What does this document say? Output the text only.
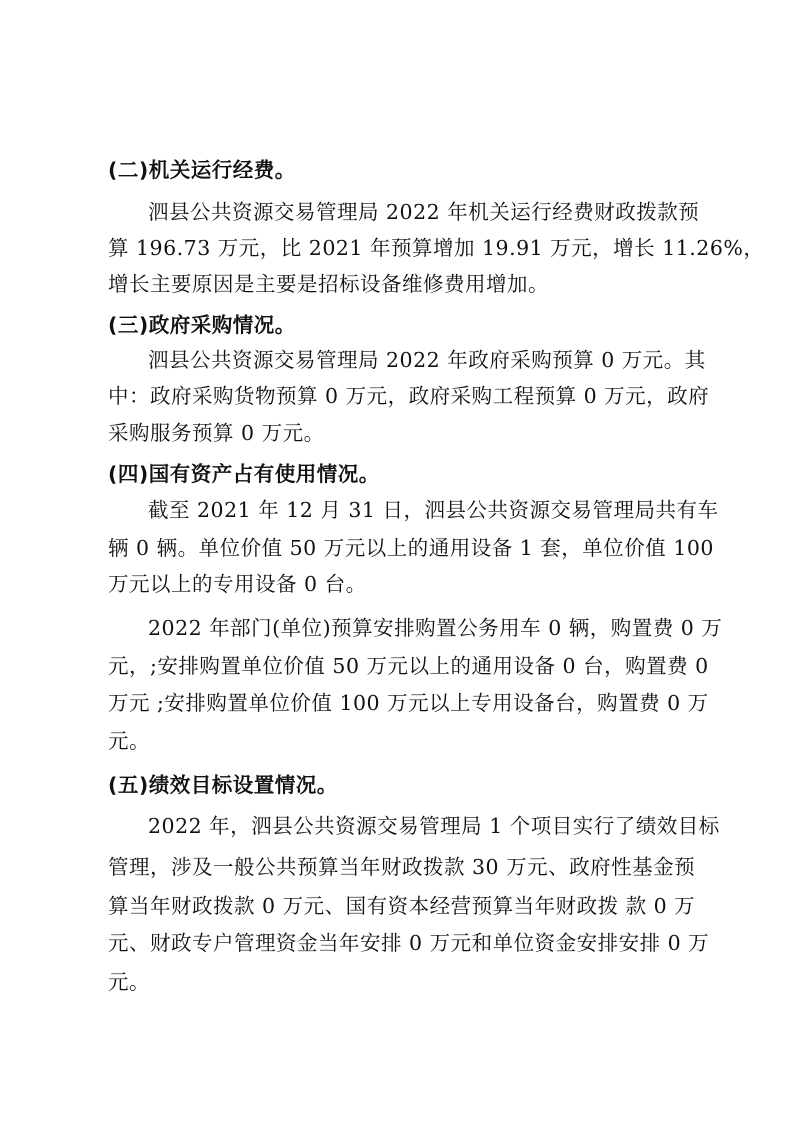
(二)机关运行经费。
泗县公共资源交易管理局 2022 年机关运行经费财政拨款预
算 196.73 万元，比 2021 年预算增加 19.91 万元，增长 11.26%，
增长主要原因是主要是招标设备维修费用增加。
(三)政府采购情况。
泗县公共资源交易管理局 2022 年政府采购预算 0 万元。其
中：政府采购货物预算 0 万元，政府采购工程预算 0 万元，政府
采购服务预算 0 万元。
(四)国有资产占有使用情况。
截至 2021 年 12 月 31 日，泗县公共资源交易管理局共有车
辆 0 辆。单位价值 50 万元以上的通用设备 1 套，单位价值 100
万元以上的专用设备 0 台。
2022 年部门(单位)预算安排购置公务用车 0 辆，购置费 0 万
元，;安排购置单位价值 50 万元以上的通用设备 0 台，购置费 0
万元 ;安排购置单位价值 100 万元以上专用设备台，购置费 0 万
元。
(五)绩效目标设置情况。
2022 年，泗县公共资源交易管理局 1 个项目实行了绩效目标
管理，涉及一般公共预算当年财政拨款 30 万元、政府性基金预
算当年财政拨款 0 万元、国有资本经营预算当年财政拨 款 0 万
元、财政专户管理资金当年安排 0 万元和单位资金安排安排 0 万
元。
